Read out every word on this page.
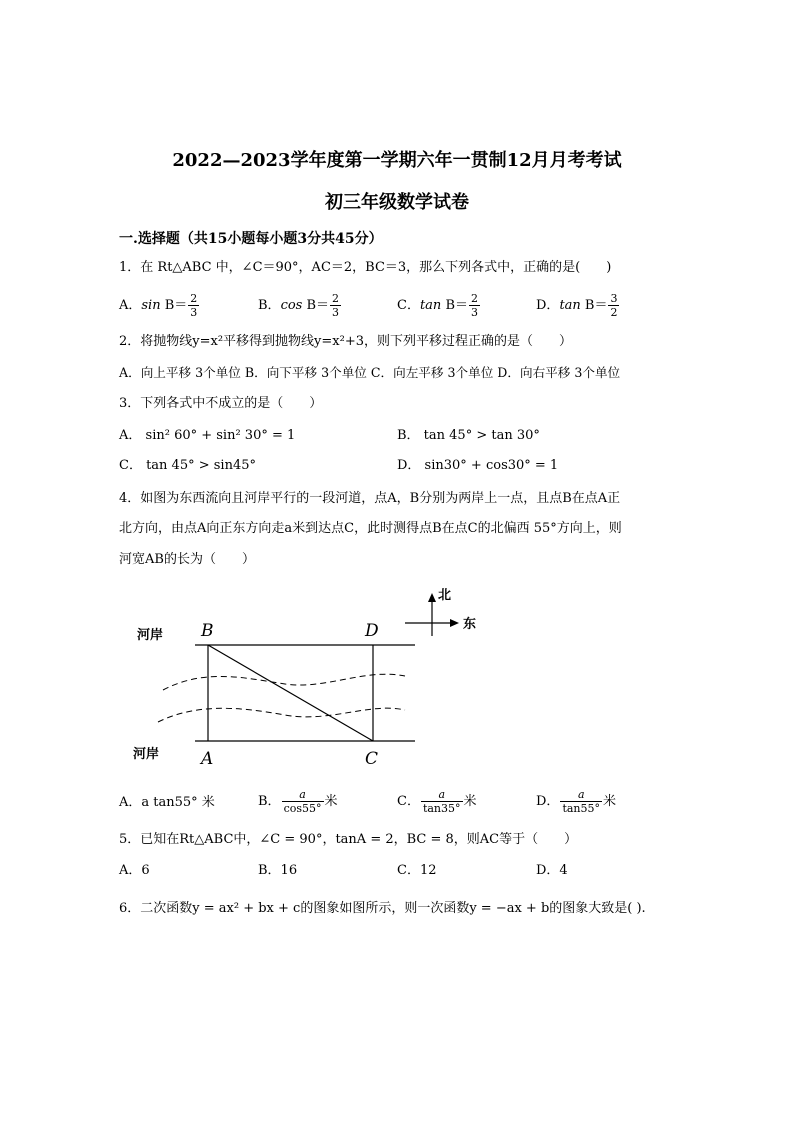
2022—2023学年度第一学期六年一贯制12月月考考试
初三年级数学试卷
一.选择题（共15小题每小题3分共45分）
1．在 Rt△ABC 中，∠C＝90°，AC＝2，BC＝3，那么下列各式中，正确的是(　　)
A．$\sin B= \frac{2}{3}$	B．$\cos B= \frac{2}{3}$	C．$\tan B= \frac{2}{3}$	D．$\tan B= \frac{3}{2}$
2．将抛物线y=x²平移得到抛物线y=x²+3，则下列平移过程正确的是（　　）
A．向上平移 3个单位 B．向下平移 3个单位 C．向左平移 3个单位 D．向右平移 3个单位
3．下列各式中不成立的是（　　）
A． sin² 60° + sin² 30° = 1	B． tan 45° > tan 30°
C． tan 45° > sin45°	D． sin30° + cos30° = 1
4．如图为东西流向且河岸平行的一段河道，点A，B分别为两岸上一点，且点B在点A正
北方向，由点A向正东方向走a米到达点C，此时测得点B在点C的北偏西 55°方向上，则
河宽AB的长为（　　）
河岸
河岸
B
A	C
D
北
东
A．a tan55° 米	B． $\frac{a}{\cos 55^\circ}$ 米	C． $\frac{a}{\tan 35^\circ}$ 米	D． $\frac{a}{\tan 55^\circ}$ 米
5．已知在Rt△ABC中，∠C = 90°，tanA = 2，BC = 8，则AC等于（　　）
A．6	B．16	C．12	D．4
6．二次函数y = ax² + bx + c的图象如图所示，则一次函数y = −ax + b的图象大致是( ).
